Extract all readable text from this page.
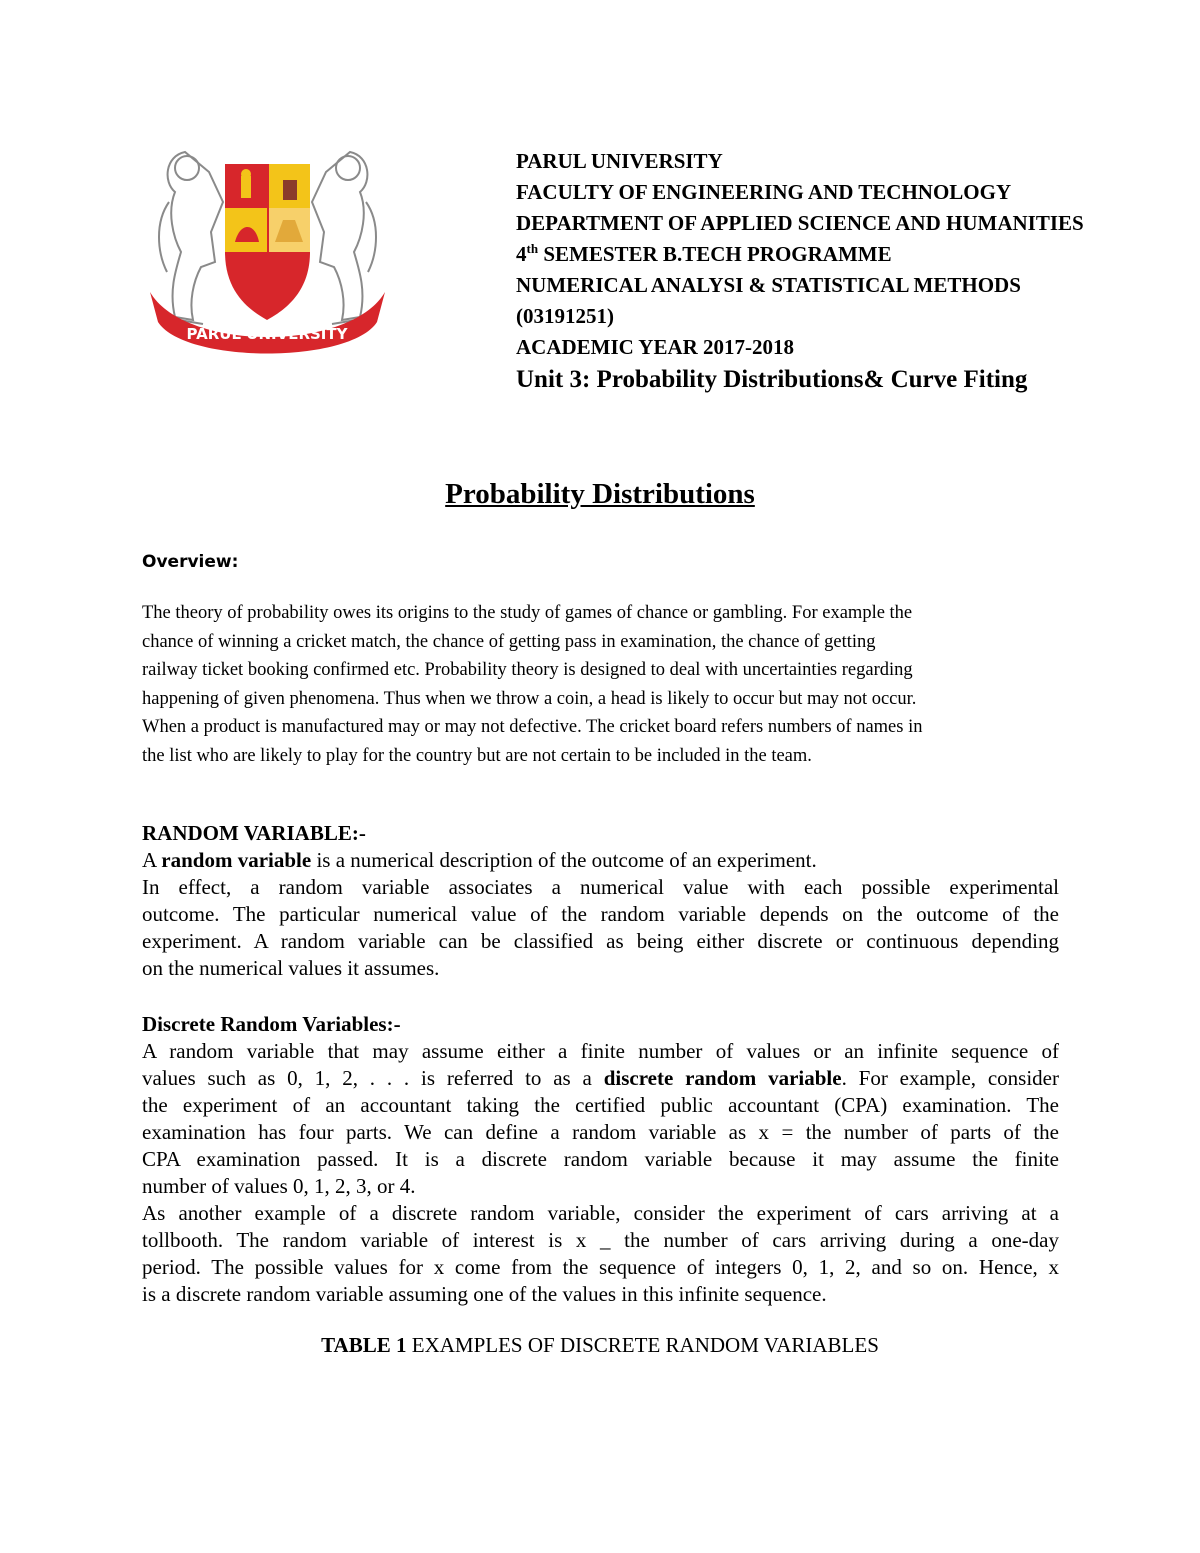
PARUL UNIVERSITY
PARUL UNIVERSITY
FACULTY OF ENGINEERING AND TECHNOLOGY
DEPARTMENT OF APPLIED SCIENCE AND HUMANITIES
4th SEMESTER B.TECH PROGRAMME
NUMERICAL ANALYSI & STATISTICAL METHODS
(03191251)
ACADEMIC YEAR 2017-2018
Unit 3: Probability Distributions& Curve Fiting
Probability Distributions
Overview:
The theory of probability owes its origins to the study of games of chance or gambling. For example the
chance of winning a cricket match, the chance of getting pass in examination, the chance of getting
railway ticket booking confirmed etc. Probability theory is designed to deal with uncertainties regarding
happening of given phenomena. Thus when we throw a coin, a head is likely to occur but may not occur.
When a product is manufactured may or may not defective. The cricket board refers numbers of names in
the list who are likely to play for the country but are not certain to be included in the team.
RANDOM VARIABLE:-
A random variable is a numerical description of the outcome of an experiment.
In effect, a random variable associates a numerical value with each possible experimental
outcome. The particular numerical value of the random variable depends on the outcome of the
experiment. A random variable can be classified as being either discrete or continuous depending
on the numerical values it assumes.
Discrete Random Variables:-
A random variable that may assume either a finite number of values or an infinite sequence of
values such as 0, 1, 2, . . . is referred to as a discrete random variable. For example, consider
the experiment of an accountant taking the certified public accountant (CPA) examination. The
examination has four parts. We can define a random variable as x = the number of parts of the
CPA examination passed. It is a discrete random variable because it may assume the finite
number of values 0, 1, 2, 3, or 4.
As another example of a discrete random variable, consider the experiment of cars arriving at a
tollbooth. The random variable of interest is x _ the number of cars arriving during a one-day
period. The possible values for x come from the sequence of integers 0, 1, 2, and so on. Hence, x
is a discrete random variable assuming one of the values in this infinite sequence.
TABLE 1 EXAMPLES OF DISCRETE RANDOM VARIABLES
